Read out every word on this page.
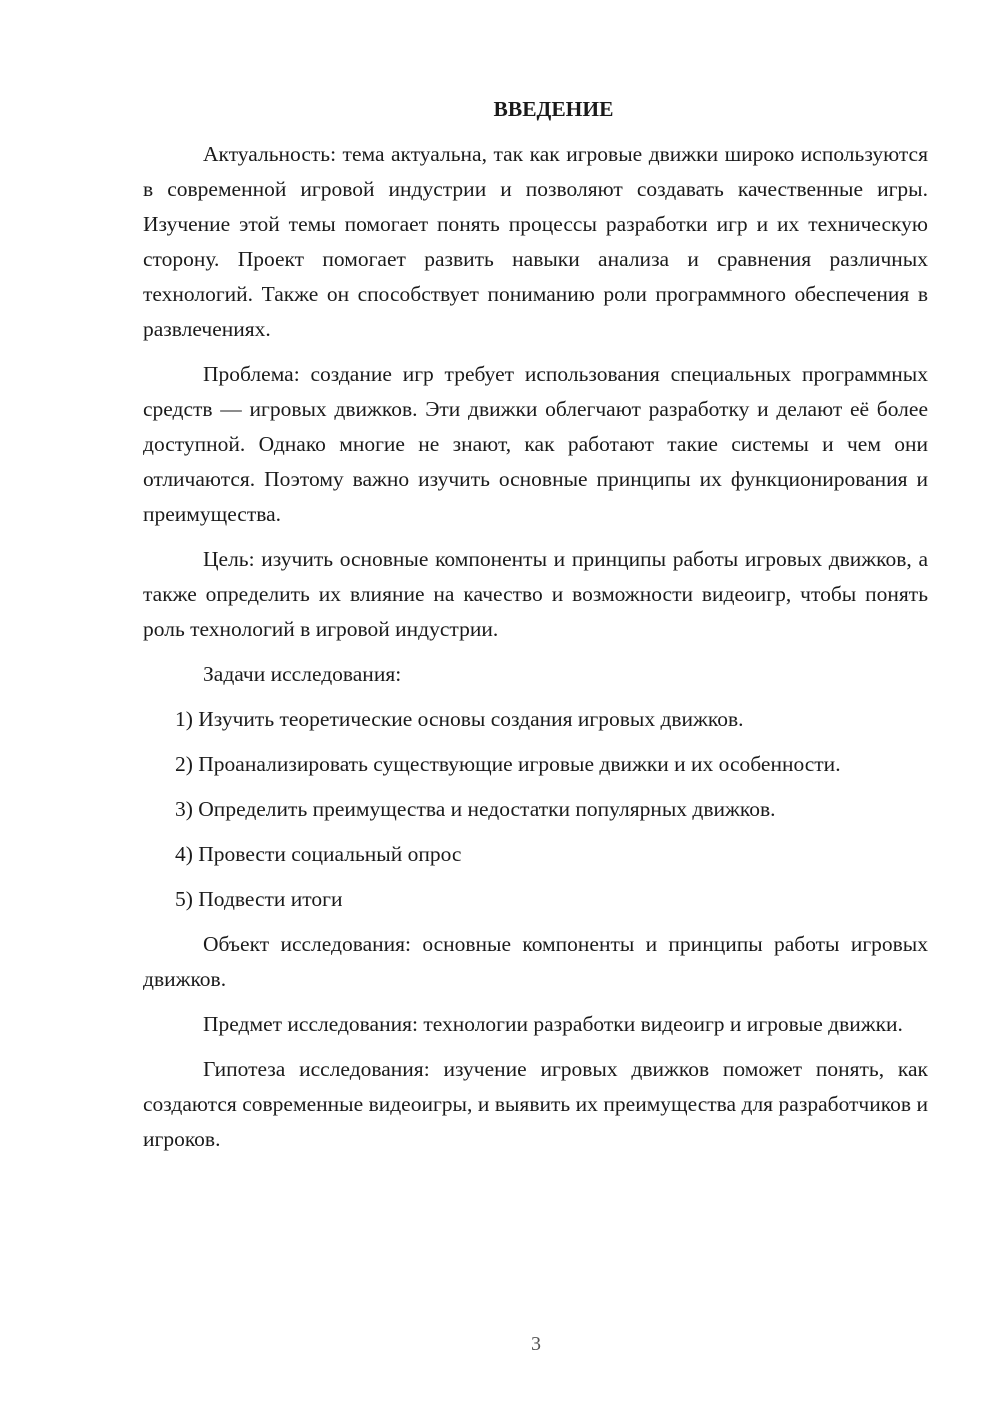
ВВЕДЕНИЕ

Актуальность: тема актуальна, так как игровые движки широко используются в современной игровой индустрии и позволяют создавать качественные игры. Изучение этой темы помогает понять процессы разработки игр и их техническую сторону. Проект помогает развить навыки анализа и сравнения различных технологий. Также он способствует пониманию роли программного обеспечения в развлечениях.

Проблема: создание игр требует использования специальных программных средств — игровых движков. Эти движки облегчают разработку и делают её более доступной. Однако многие не знают, как работают такие системы и чем они отличаются. Поэтому важно изучить основные принципы их функционирования и преимущества.

Цель: изучить основные компоненты и принципы работы игровых движков, а также определить их влияние на качество и возможности видеоигр, чтобы понять роль технологий в игровой индустрии.

Задачи исследования:

1) Изучить теоретические основы создания игровых движков.

2) Проанализировать существующие игровые движки и их особенности.

3) Определить преимущества и недостатки популярных движков.

4) Провести социальный опрос

5) Подвести итоги

Объект исследования: основные компоненты и принципы работы игровых движков.

Предмет исследования: технологии разработки видеоигр и игровые движки.

Гипотеза исследования: изучение игровых движков поможет понять, как создаются современные видеоигры, и выявить их преимущества для разработчиков и игроков.

3
